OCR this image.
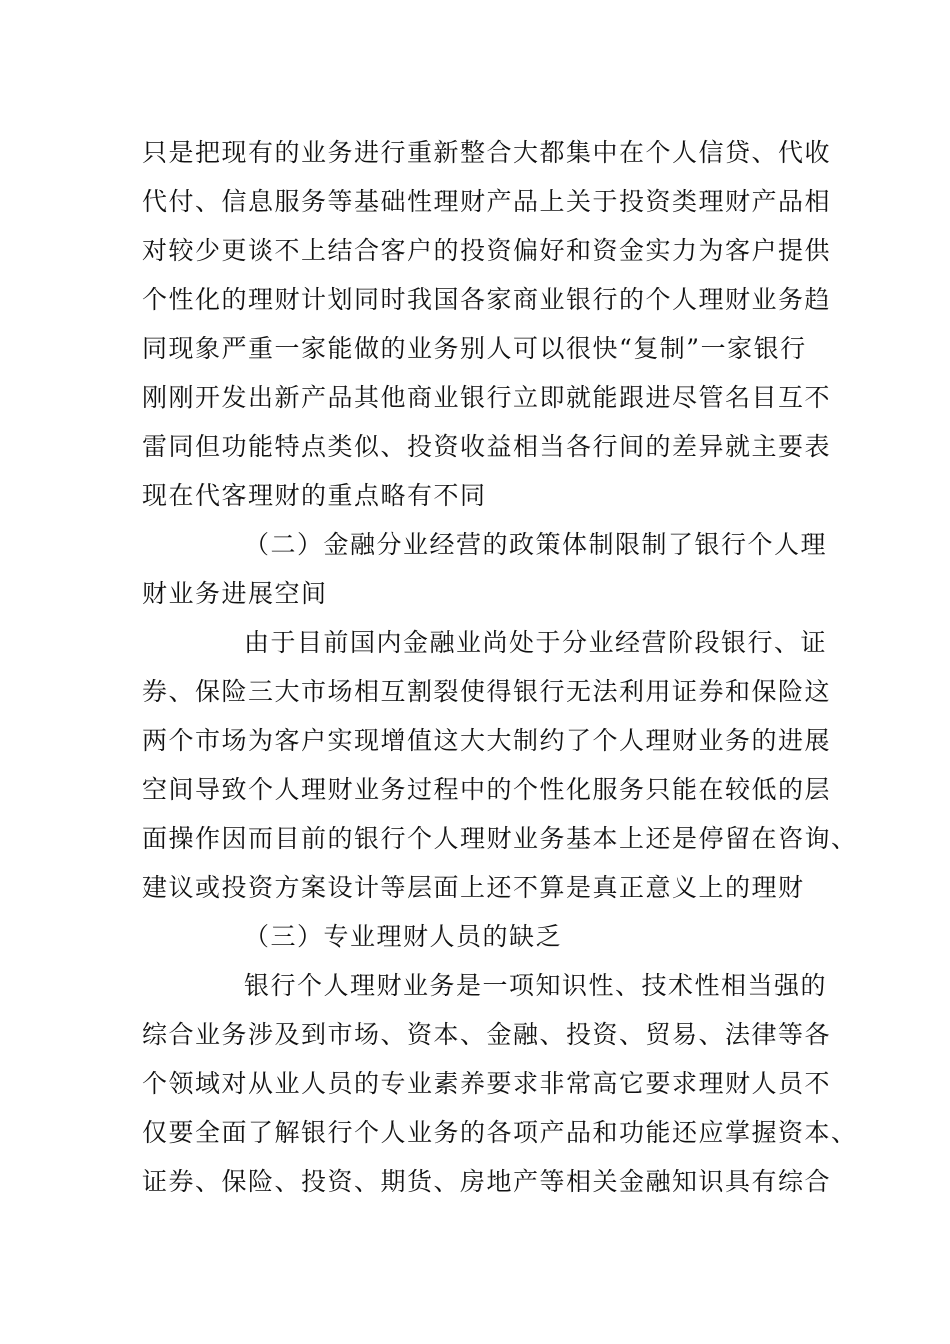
只是把现有的业务进行重新整合大都集中在个人信贷、代收
代付、信息服务等基础性理财产品上关于投资类理财产品相
对较少更谈不上结合客户的投资偏好和资金实力为客户提供
个性化的理财计划同时我国各家商业银行的个人理财业务趋
同现象严重一家能做的业务别人可以很快“复制”一家银行
刚刚开发出新产品其他商业银行立即就能跟进尽管名目互不
雷同但功能特点类似、投资收益相当各行间的差异就主要表
现在代客理财的重点略有不同
（二）金融分业经营的政策体制限制了银行个人理
财业务进展空间
由于目前国内金融业尚处于分业经营阶段银行、证
券、保险三大市场相互割裂使得银行无法利用证券和保险这
两个市场为客户实现增值这大大制约了个人理财业务的进展
空间导致个人理财业务过程中的个性化服务只能在较低的层
面操作因而目前的银行个人理财业务基本上还是停留在咨询、
建议或投资方案设计等层面上还不算是真正意义上的理财
（三）专业理财人员的缺乏
银行个人理财业务是一项知识性、技术性相当强的
综合业务涉及到市场、资本、金融、投资、贸易、法律等各
个领域对从业人员的专业素养要求非常高它要求理财人员不
仅要全面了解银行个人业务的各项产品和功能还应掌握资本、
证券、保险、投资、期货、房地产等相关金融知识具有综合
